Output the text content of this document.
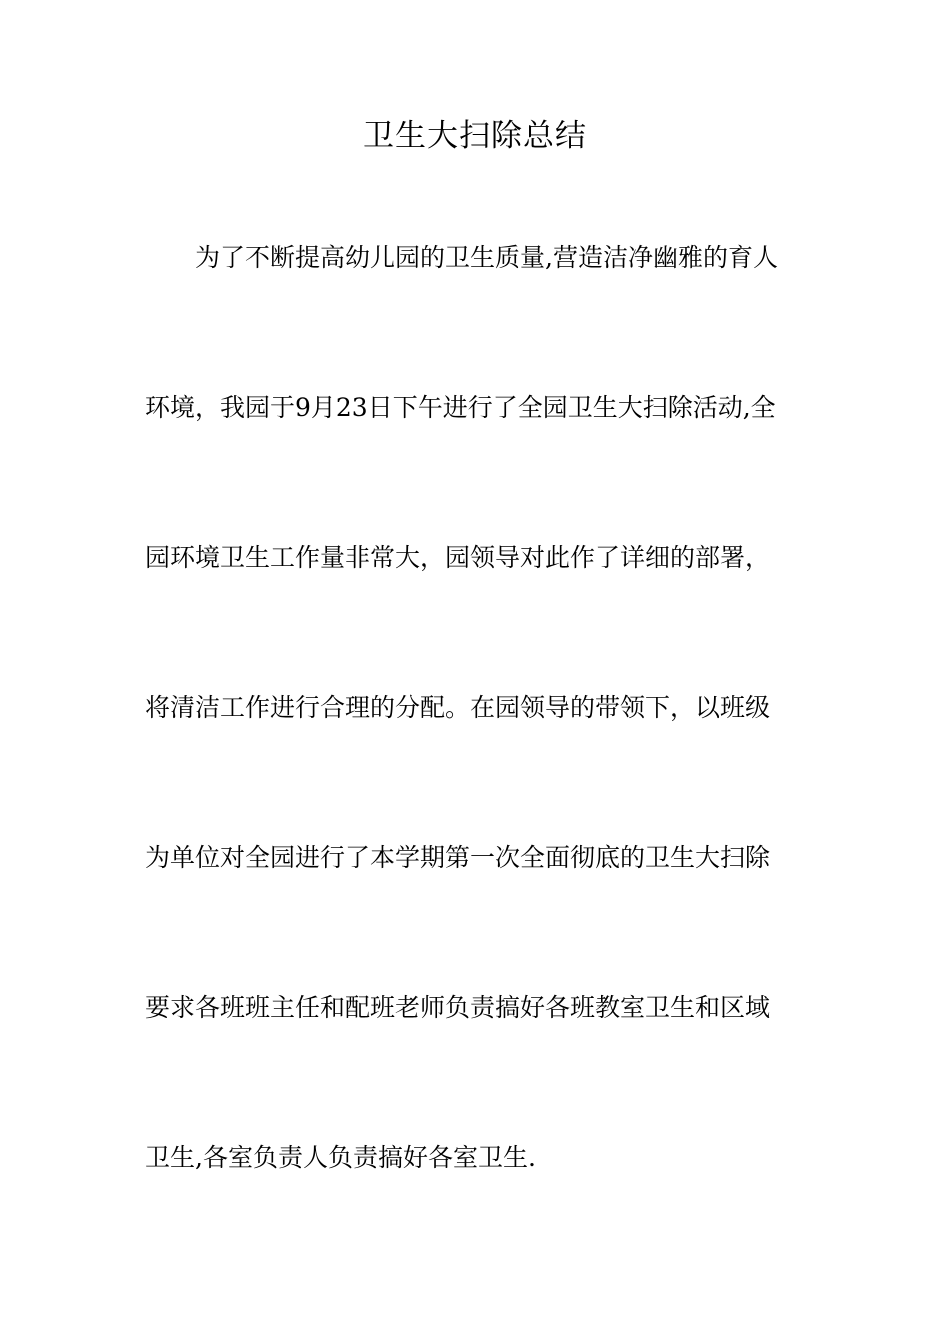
卫生大扫除总结
为了不断提高幼儿园的卫生质量,营造洁净幽雅的育人
环境，我园于9月23日下午进行了全园卫生大扫除活动,全
园环境卫生工作量非常大，园领导对此作了详细的部署，
将清洁工作进行合理的分配。在园领导的带领下，以班级
为单位对全园进行了本学期第一次全面彻底的卫生大扫除
要求各班班主任和配班老师负责搞好各班教室卫生和区域
卫生,各室负责人负责搞好各室卫生.
